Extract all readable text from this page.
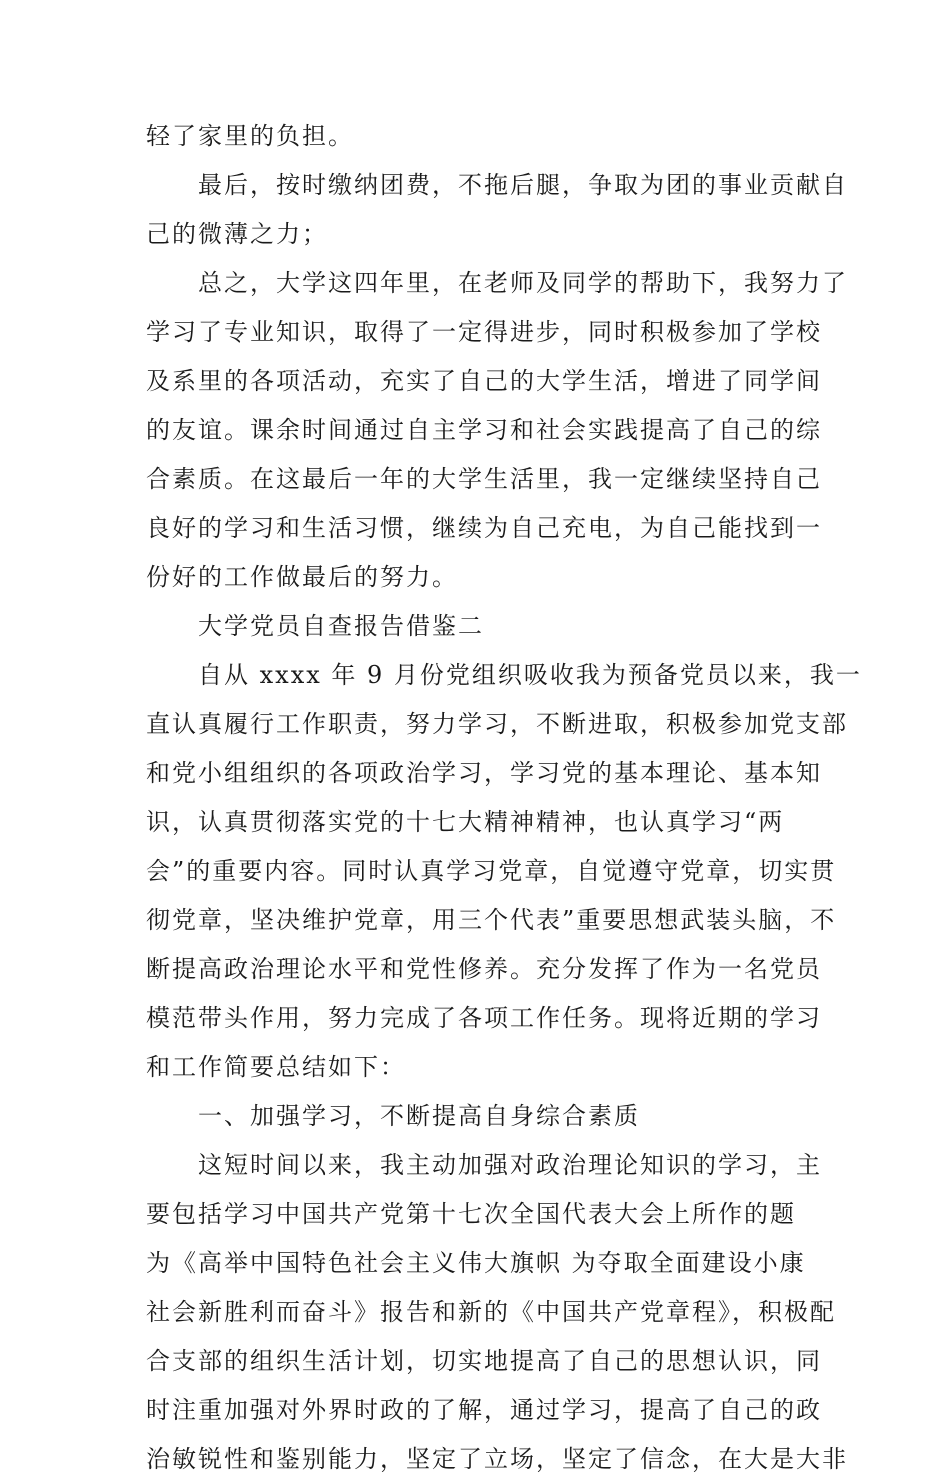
轻了家里的负担。
最后，按时缴纳团费，不拖后腿，争取为团的事业贡献自
己的微薄之力；
总之，大学这四年里，在老师及同学的帮助下，我努力了
学习了专业知识，取得了一定得进步，同时积极参加了学校
及系里的各项活动，充实了自己的大学生活，增进了同学间
的友谊。课余时间通过自主学习和社会实践提高了自己的综
合素质。在这最后一年的大学生活里，我一定继续坚持自己
良好的学习和生活习惯，继续为自己充电，为自己能找到一
份好的工作做最后的努力。
大学党员自查报告借鉴二
自从 xxxx 年 9 月份党组织吸收我为预备党员以来，我一
直认真履行工作职责，努力学习，不断进取，积极参加党支部
和党小组组织的各项政治学习，学习党的基本理论、基本知
识，认真贯彻落实党的十七大精神精神，也认真学习“两
会”的重要内容。同时认真学习党章，自觉遵守党章，切实贯
彻党章，坚决维护党章，用三个代表”重要思想武装头脑，不
断提高政治理论水平和党性修养。充分发挥了作为一名党员
模范带头作用，努力完成了各项工作任务。现将近期的学习
和工作简要总结如下：
一、加强学习，不断提高自身综合素质
这短时间以来，我主动加强对政治理论知识的学习，主
要包括学习中国共产党第十七次全国代表大会上所作的题
为《高举中国特色社会主义伟大旗帜 为夺取全面建设小康
社会新胜利而奋斗》报告和新的《中国共产党章程》，积极配
合支部的组织生活计划，切实地提高了自己的思想认识，同
时注重加强对外界时政的了解，通过学习，提高了自己的政
治敏锐性和鉴别能力，坚定了立场，坚定了信念，在大是大非
